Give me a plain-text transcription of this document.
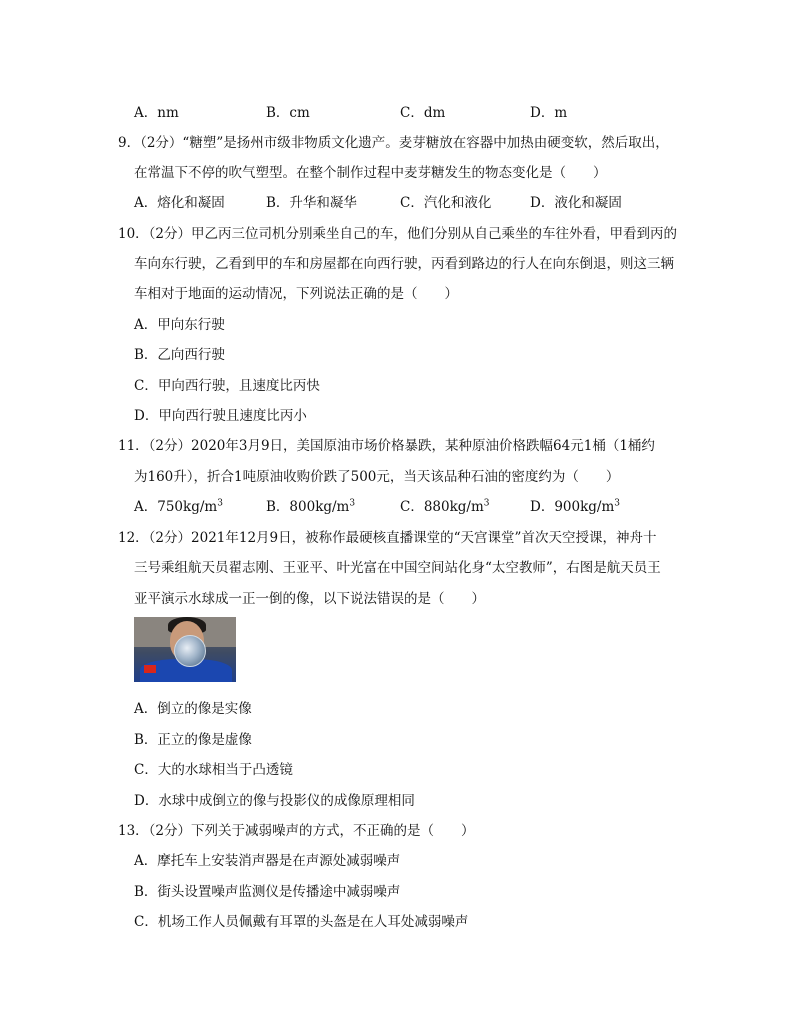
A．nm	B．cm	C．dm	D．m
9．（2分）“糖塑”是扬州市级非物质文化遗产。麦芽糖放在容器中加热由硬变软，然后取出，
在常温下不停的吹气塑型。在整个制作过程中麦芽糖发生的物态变化是（　　）
A．熔化和凝固	B．升华和凝华	C．汽化和液化	D．液化和凝固
10．（2分）甲乙丙三位司机分别乘坐自己的车，他们分别从自己乘坐的车往外看，甲看到丙的
车向东行驶，乙看到甲的车和房屋都在向西行驶，丙看到路边的行人在向东倒退，则这三辆
车相对于地面的运动情况，下列说法正确的是（　　）
A．甲向东行驶
B．乙向西行驶
C．甲向西行驶，且速度比丙快
D．甲向西行驶且速度比丙小
11．（2分）2020年3月9日，美国原油市场价格暴跌，某种原油价格跌幅64元1桶（1桶约
为160升），折合1吨原油收购价跌了500元，当天该品种石油的密度约为（　　）
A．$750kg/m^3$	B．$800kg/m^3$	C．$880kg/m^3$	D．$900kg/m^3$
12．（2分）2021年12月9日，被称作最硬核直播课堂的“天宫课堂”首次天空授课，神舟十
三号乘组航天员翟志刚、王亚平、叶光富在中国空间站化身“太空教师”，右图是航天员王
亚平演示水球成一正一倒的像，以下说法错误的是（　　）
A．倒立的像是实像
B．正立的像是虚像
C．大的水球相当于凸透镜
D．水球中成倒立的像与投影仪的成像原理相同
13．（2分）下列关于减弱噪声的方式，不正确的是（　　）
A．摩托车上安装消声器是在声源处减弱噪声
B．街头设置噪声监测仪是传播途中减弱噪声
C．机场工作人员佩戴有耳罩的头盔是在人耳处减弱噪声
